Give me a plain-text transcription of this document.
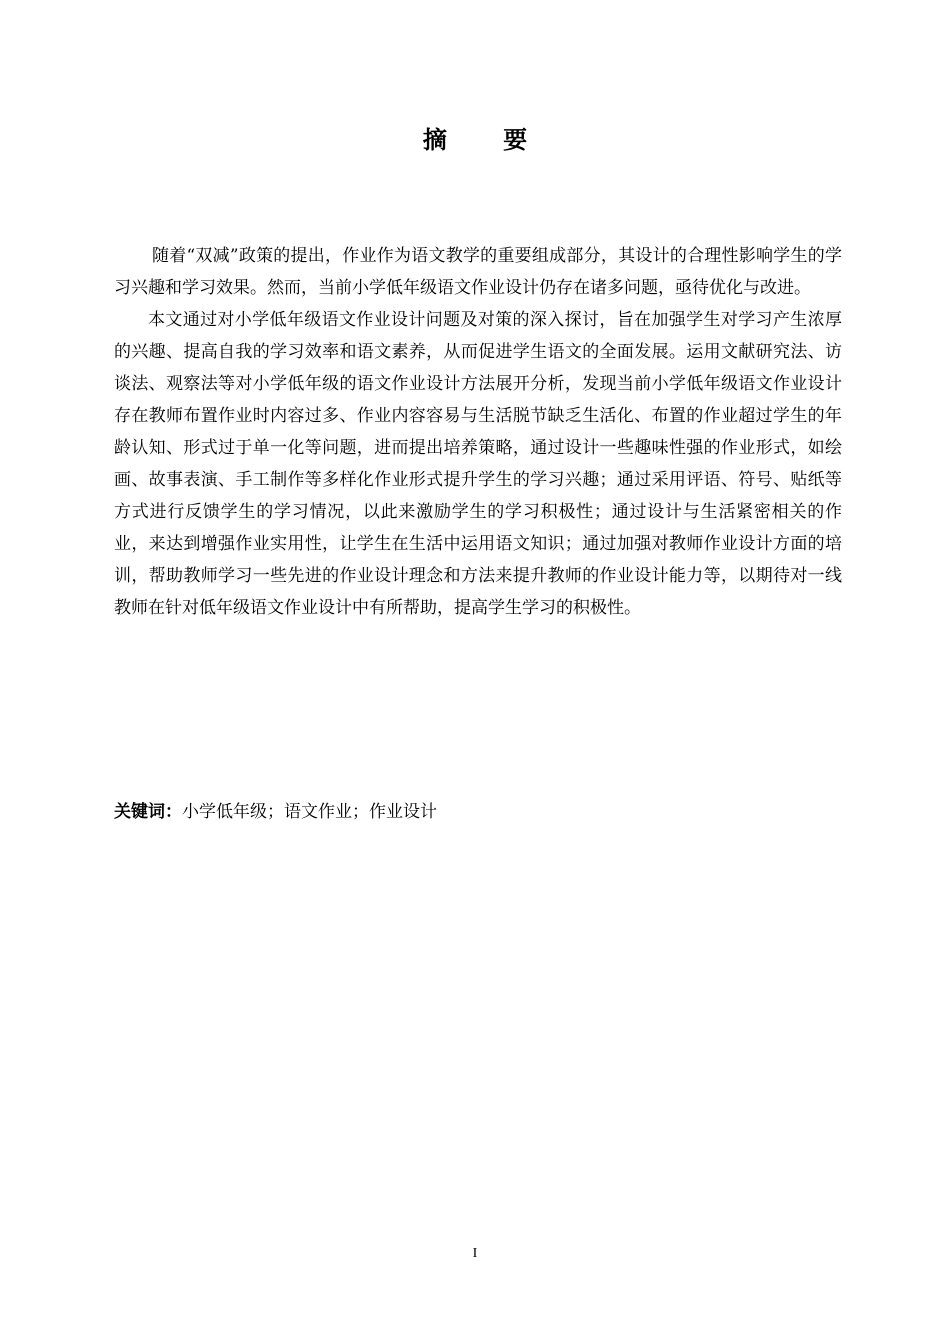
摘 要

随着“双减”政策的提出，作业作为语文教学的重要组成部分，其设计的合理性影响学生的学习兴趣和学习效果。然而，当前小学低年级语文作业设计仍存在诸多问题，亟待优化与改进。

本文通过对小学低年级语文作业设计问题及对策的深入探讨，旨在加强学生对学习产生浓厚的兴趣、提高自我的学习效率和语文素养，从而促进学生语文的全面发展。运用文献研究法、访谈法、观察法等对小学低年级的语文作业设计方法展开分析，发现当前小学低年级语文作业设计存在教师布置作业时内容过多、作业内容容易与生活脱节缺乏生活化、布置的作业超过学生的年龄认知、形式过于单一化等问题，进而提出培养策略，通过设计一些趣味性强的作业形式，如绘画、故事表演、手工制作等多样化作业形式提升学生的学习兴趣；通过采用评语、符号、贴纸等方式进行反馈学生的学习情况，以此来激励学生的学习积极性；通过设计与生活紧密相关的作业，来达到增强作业实用性，让学生在生活中运用语文知识；通过加强对教师作业设计方面的培训，帮助教师学习一些先进的作业设计理念和方法来提升教师的作业设计能力等，以期待对一线教师在针对低年级语文作业设计中有所帮助，提高学生学习的积极性。

关键词：小学低年级；语文作业；作业设计
I
